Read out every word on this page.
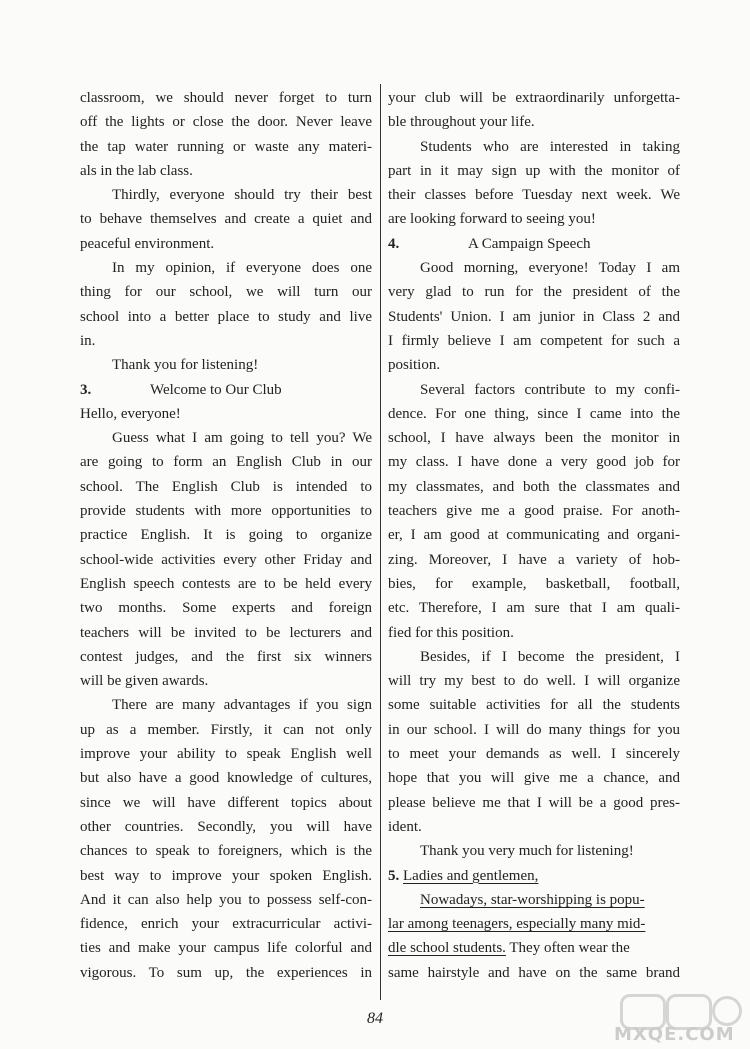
classroom, we should never forget to turn
off the lights or close the door. Never leave
the tap water running or waste any materi-
als in the lab class.
Thirdly, everyone should try their best
to behave themselves and create a quiet and
peaceful environment.
In my opinion, if everyone does one
thing for our school, we will turn our
school into a better place to study and live
in.
Thank you for listening!
3.	Welcome to Our Club
Hello, everyone!
Guess what I am going to tell you? We
are going to form an English Club in our
school. The English Club is intended to
provide students with more opportunities to
practice English. It is going to organize
school-wide activities every other Friday and
English speech contests are to be held every
two months. Some experts and foreign
teachers will be invited to be lecturers and
contest judges, and the first six winners
will be given awards.
There are many advantages if you sign
up as a member. Firstly, it can not only
improve your ability to speak English well
but also have a good knowledge of cultures,
since we will have different topics about
other countries. Secondly, you will have
chances to speak to foreigners, which is the
best way to improve your spoken English.
And it can also help you to possess self-con-
fidence, enrich your extracurricular activi-
ties and make your campus life colorful and
vigorous. To sum up, the experiences in
your club will be extraordinarily unforgetta-
ble throughout your life.
Students who are interested in taking
part in it may sign up with the monitor of
their classes before Tuesday next week. We
are looking forward to seeing you!
4.	A Campaign Speech
Good morning, everyone! Today I am
very glad to run for the president of the
Students' Union. I am junior in Class 2 and
I firmly believe I am competent for such a
position.
Several factors contribute to my confi-
dence. For one thing, since I came into the
school, I have always been the monitor in
my class. I have done a very good job for
my classmates, and both the classmates and
teachers give me a good praise. For anoth-
er, I am good at communicating and organi-
zing. Moreover, I have a variety of hob-
bies, for example, basketball, football,
etc. Therefore, I am sure that I am quali-
fied for this position.
Besides, if I become the president, I
will try my best to do well. I will organize
some suitable activities for all the students
in our school. I will do many things for you
to meet your demands as well. I sincerely
hope that you will give me a chance, and
please believe me that I will be a good pres-
ident.
Thank you very much for listening!
5. Ladies and gentlemen,
Nowadays, star-worshipping is popu-
lar among teenagers, especially many mid-
dle school students. They often wear the
same hairstyle and have on the same brand
84
MXQE.COM
